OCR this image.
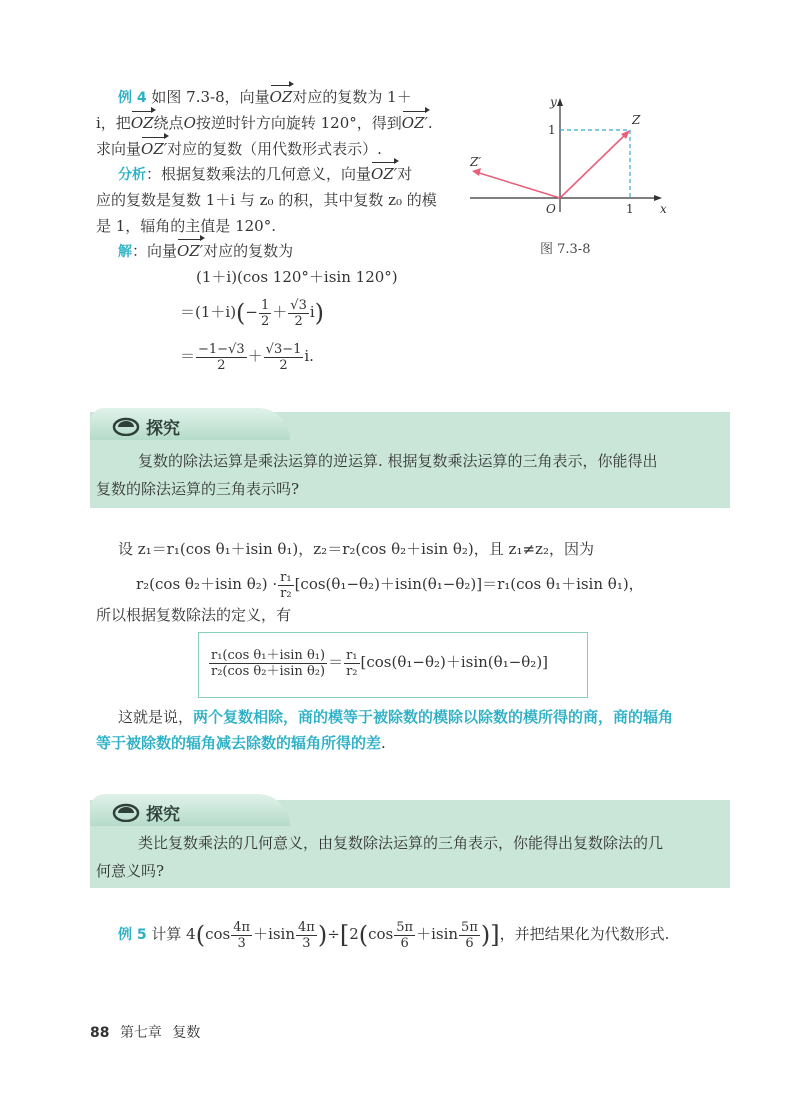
例 4 如图 7.3-8，向量OZ对应的复数为 1＋
i，把OZ绕点O按逆时针方向旋转 120°，得到OZ′.
求向量OZ′对应的复数（用代数形式表示）.
分析：根据复数乘法的几何意义，向量OZ′对
应的复数是复数 1＋i 与 z₀ 的积，其中复数 z₀ 的模
是 1，辐角的主值是 120°.
解：向量OZ′对应的复数为
(1＋i)(cos 120°＋isin 120°)
$=(1+i)(- \frac{1}{2} + \frac{√3}{2} i)$
＝ $\frac{-1-√3}{2} + \frac{√3-1}{2} i$.
y
x
O	1
1
Z
Z′
图 7.3-8
探究
复数的除法运算是乘法运算的逆运算. 根据复数乘法运算的三角表示，你能得出
复数的除法运算的三角表示吗?
设 z₁＝r₁(cos θ₁＋isin θ₁)，z₂＝r₂(cos θ₂＋isin θ₂)，且 z₁≠z₂，因为
r₂(cos θ₂＋isin $\theta_2) \cdot \frac{\text{r₁}}{\text{r₂}} [\cos(\theta_1-\theta_2)+isin(\theta_1-\theta_2)]=r_1(\cos$ θ₁＋isin θ₁)，
所以根据复数除法的定义，有
$\frac{\text{r₁(cos θ₁＋isin θ₁)}}{\text{r₂(cos θ₂＋isin θ₂)}} = \frac{\text{r₁}}{\text{r₂}} [\cos(\theta_1-\theta_2)+isin(\theta_1-\theta_2)]$
这就是说，两个复数相除，商的模等于被除数的模除以除数的模所得的商，商的辐角
等于被除数的辐角减去除数的辐角所得的差.
探究
类比复数乘法的几何意义，由复数除法运算的三角表示，你能得出复数除法的几
何意义吗?
例 5 计算 $4(\cos \frac{4\pi}{3} +isin \frac{4\pi}{3} )\div[2(\cos \frac{5\pi}{6} +isin \frac{5\pi}{6}$ )]，并把结果化为代数形式.
88 第七章 复数
